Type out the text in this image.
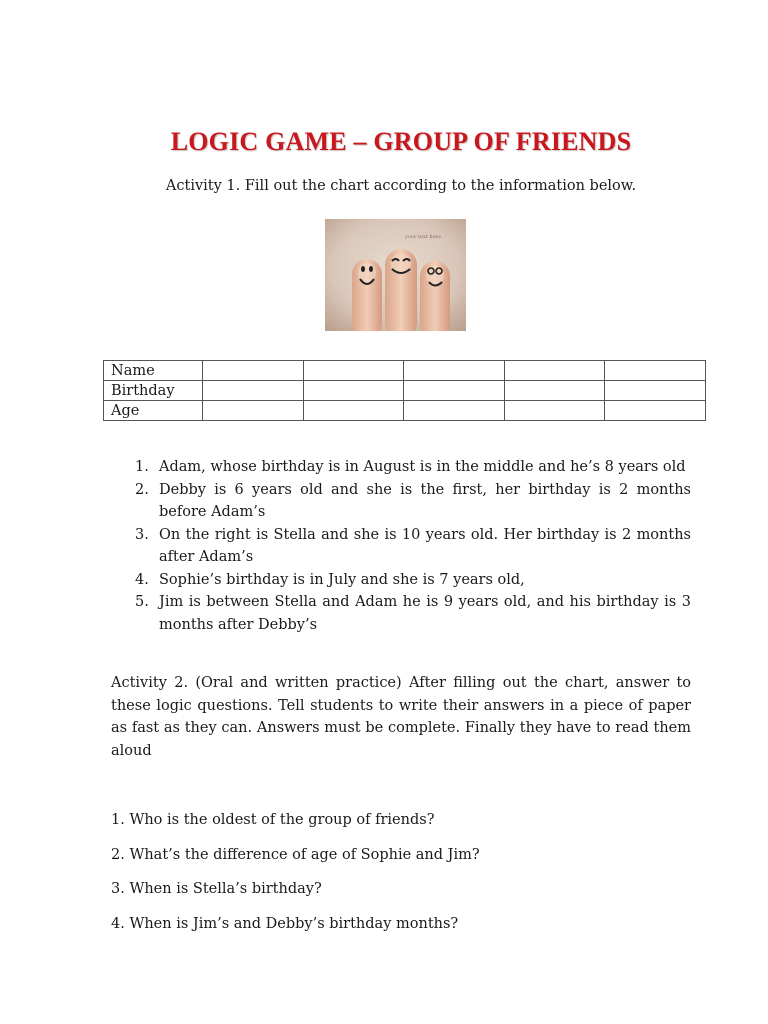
LOGIC GAME – GROUP OF FRIENDS
Activity 1. Fill out the chart according to the information below.
your text here
Name					
Birthday					
Age					
1. Adam, whose birthday is in August is in the middle and he’s 8 years old
2. Debby is 6 years old and she is the first, her birthday is 2 months before Adam’s
3. On the right is Stella and she is 10 years old. Her birthday is 2 months after Adam’s
4. Sophie’s birthday is in July and she is 7 years old,
5. Jim is between Stella and Adam he is 9 years old, and his birthday is 3 months after Debby’s
Activity 2. (Oral and written practice) After filling out the chart, answer to these logic questions. Tell students to write their answers in a piece of paper as fast as they can. Answers must be complete. Finally they have to read them aloud
1. Who is the oldest of the group of friends?
2. What’s the difference of age of Sophie and Jim?
3. When is Stella’s birthday?
4. When is Jim’s and Debby’s birthday months?
